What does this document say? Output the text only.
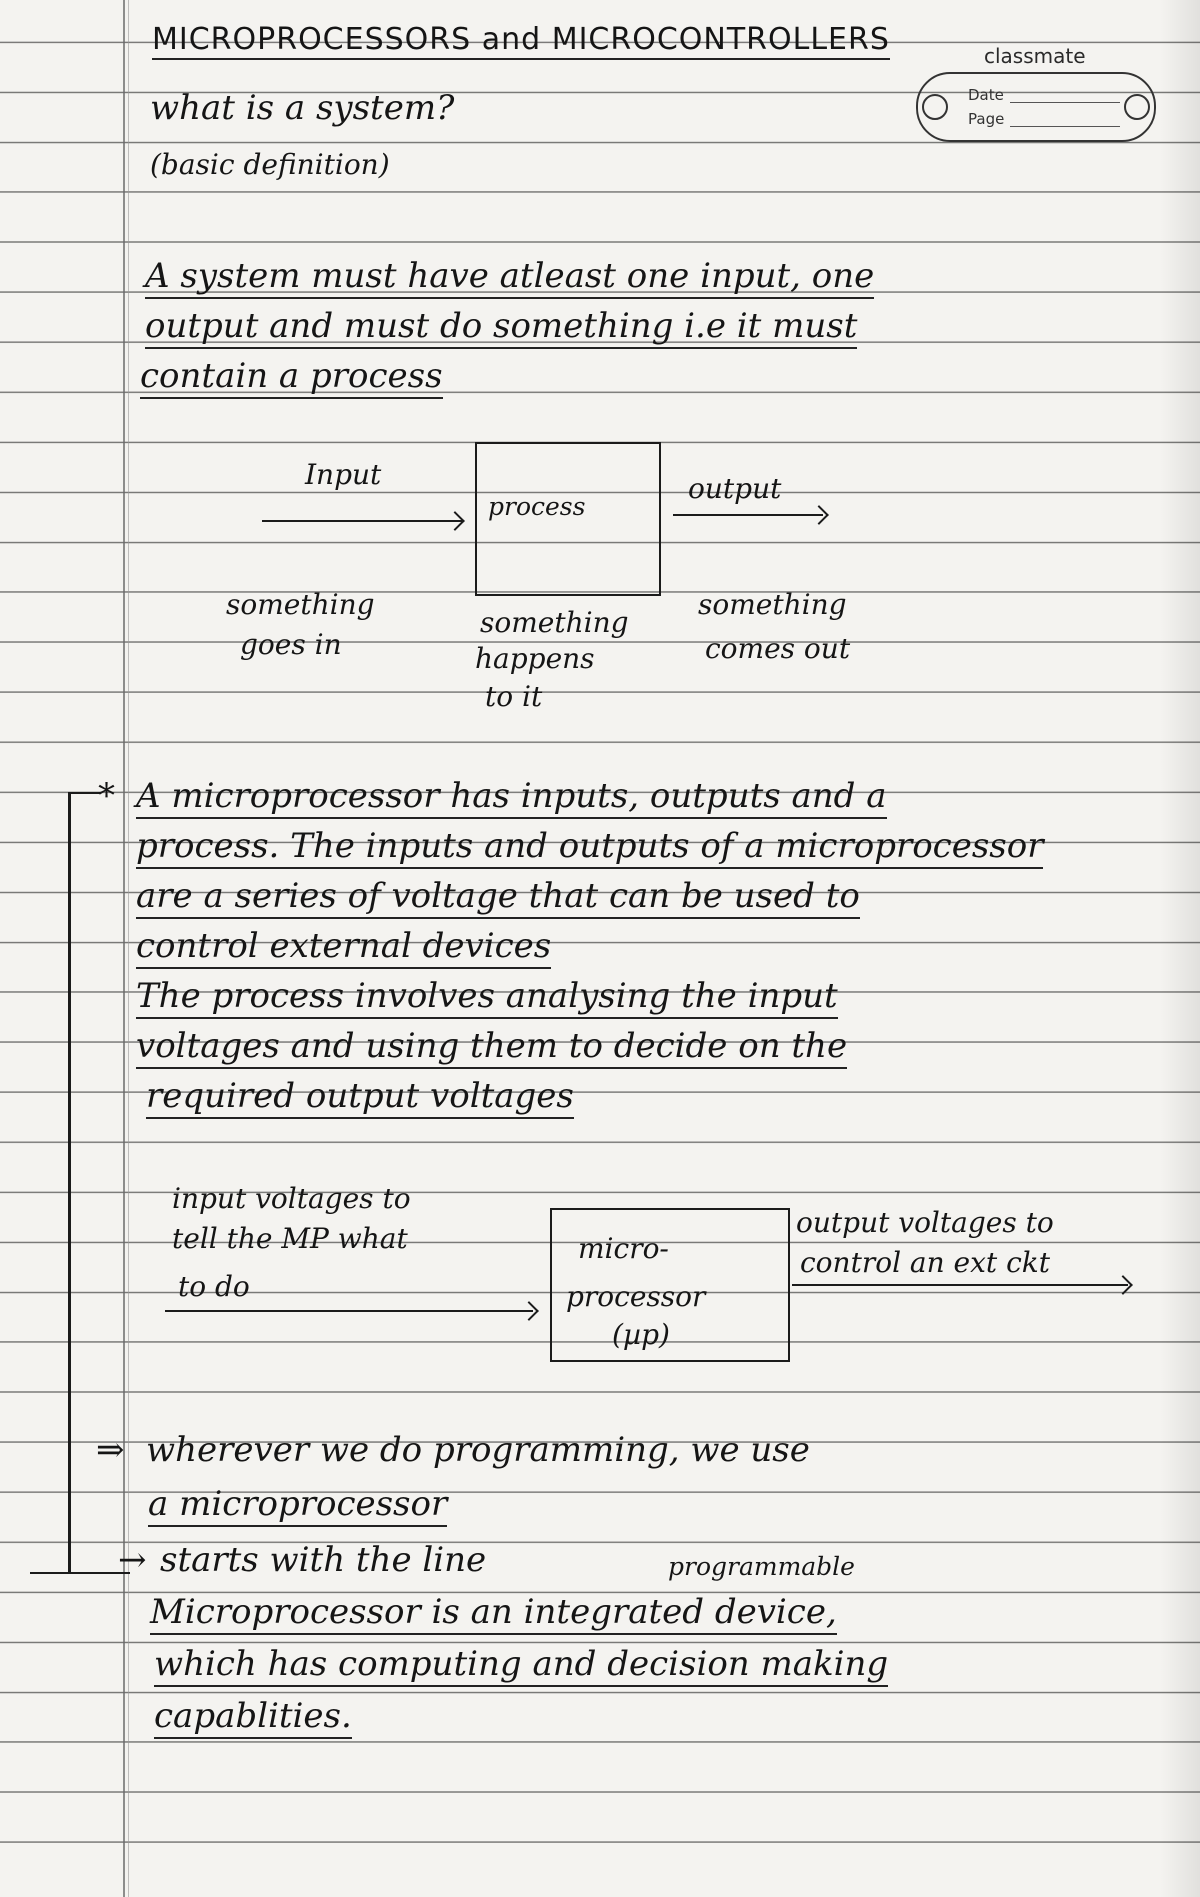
MICROPROCESSORS and MICROCONTROLLERS	classmate
Date
Page
what is a system?
(basic definition)
A system must have atleast one input, one
output and must do something i.e it must
contain a process
Input
process
output
something
goes in
something
happens
to it
something
comes out
* A microprocessor has inputs, outputs and a
process. The inputs and outputs of a microprocessor
are a series of voltage that can be used to
control external devices
The process involves analysing the input
voltages and using them to decide on the
required output voltages
input voltages to
tell the MP what
to do
micro-
processor
(µp)
output voltages to
control an ext ckt
⇒ wherever we do programming, we use
a microprocessor
→ starts with the line	programmable
Microprocessor is an integrated device,
which has computing and decision making
capablities.
